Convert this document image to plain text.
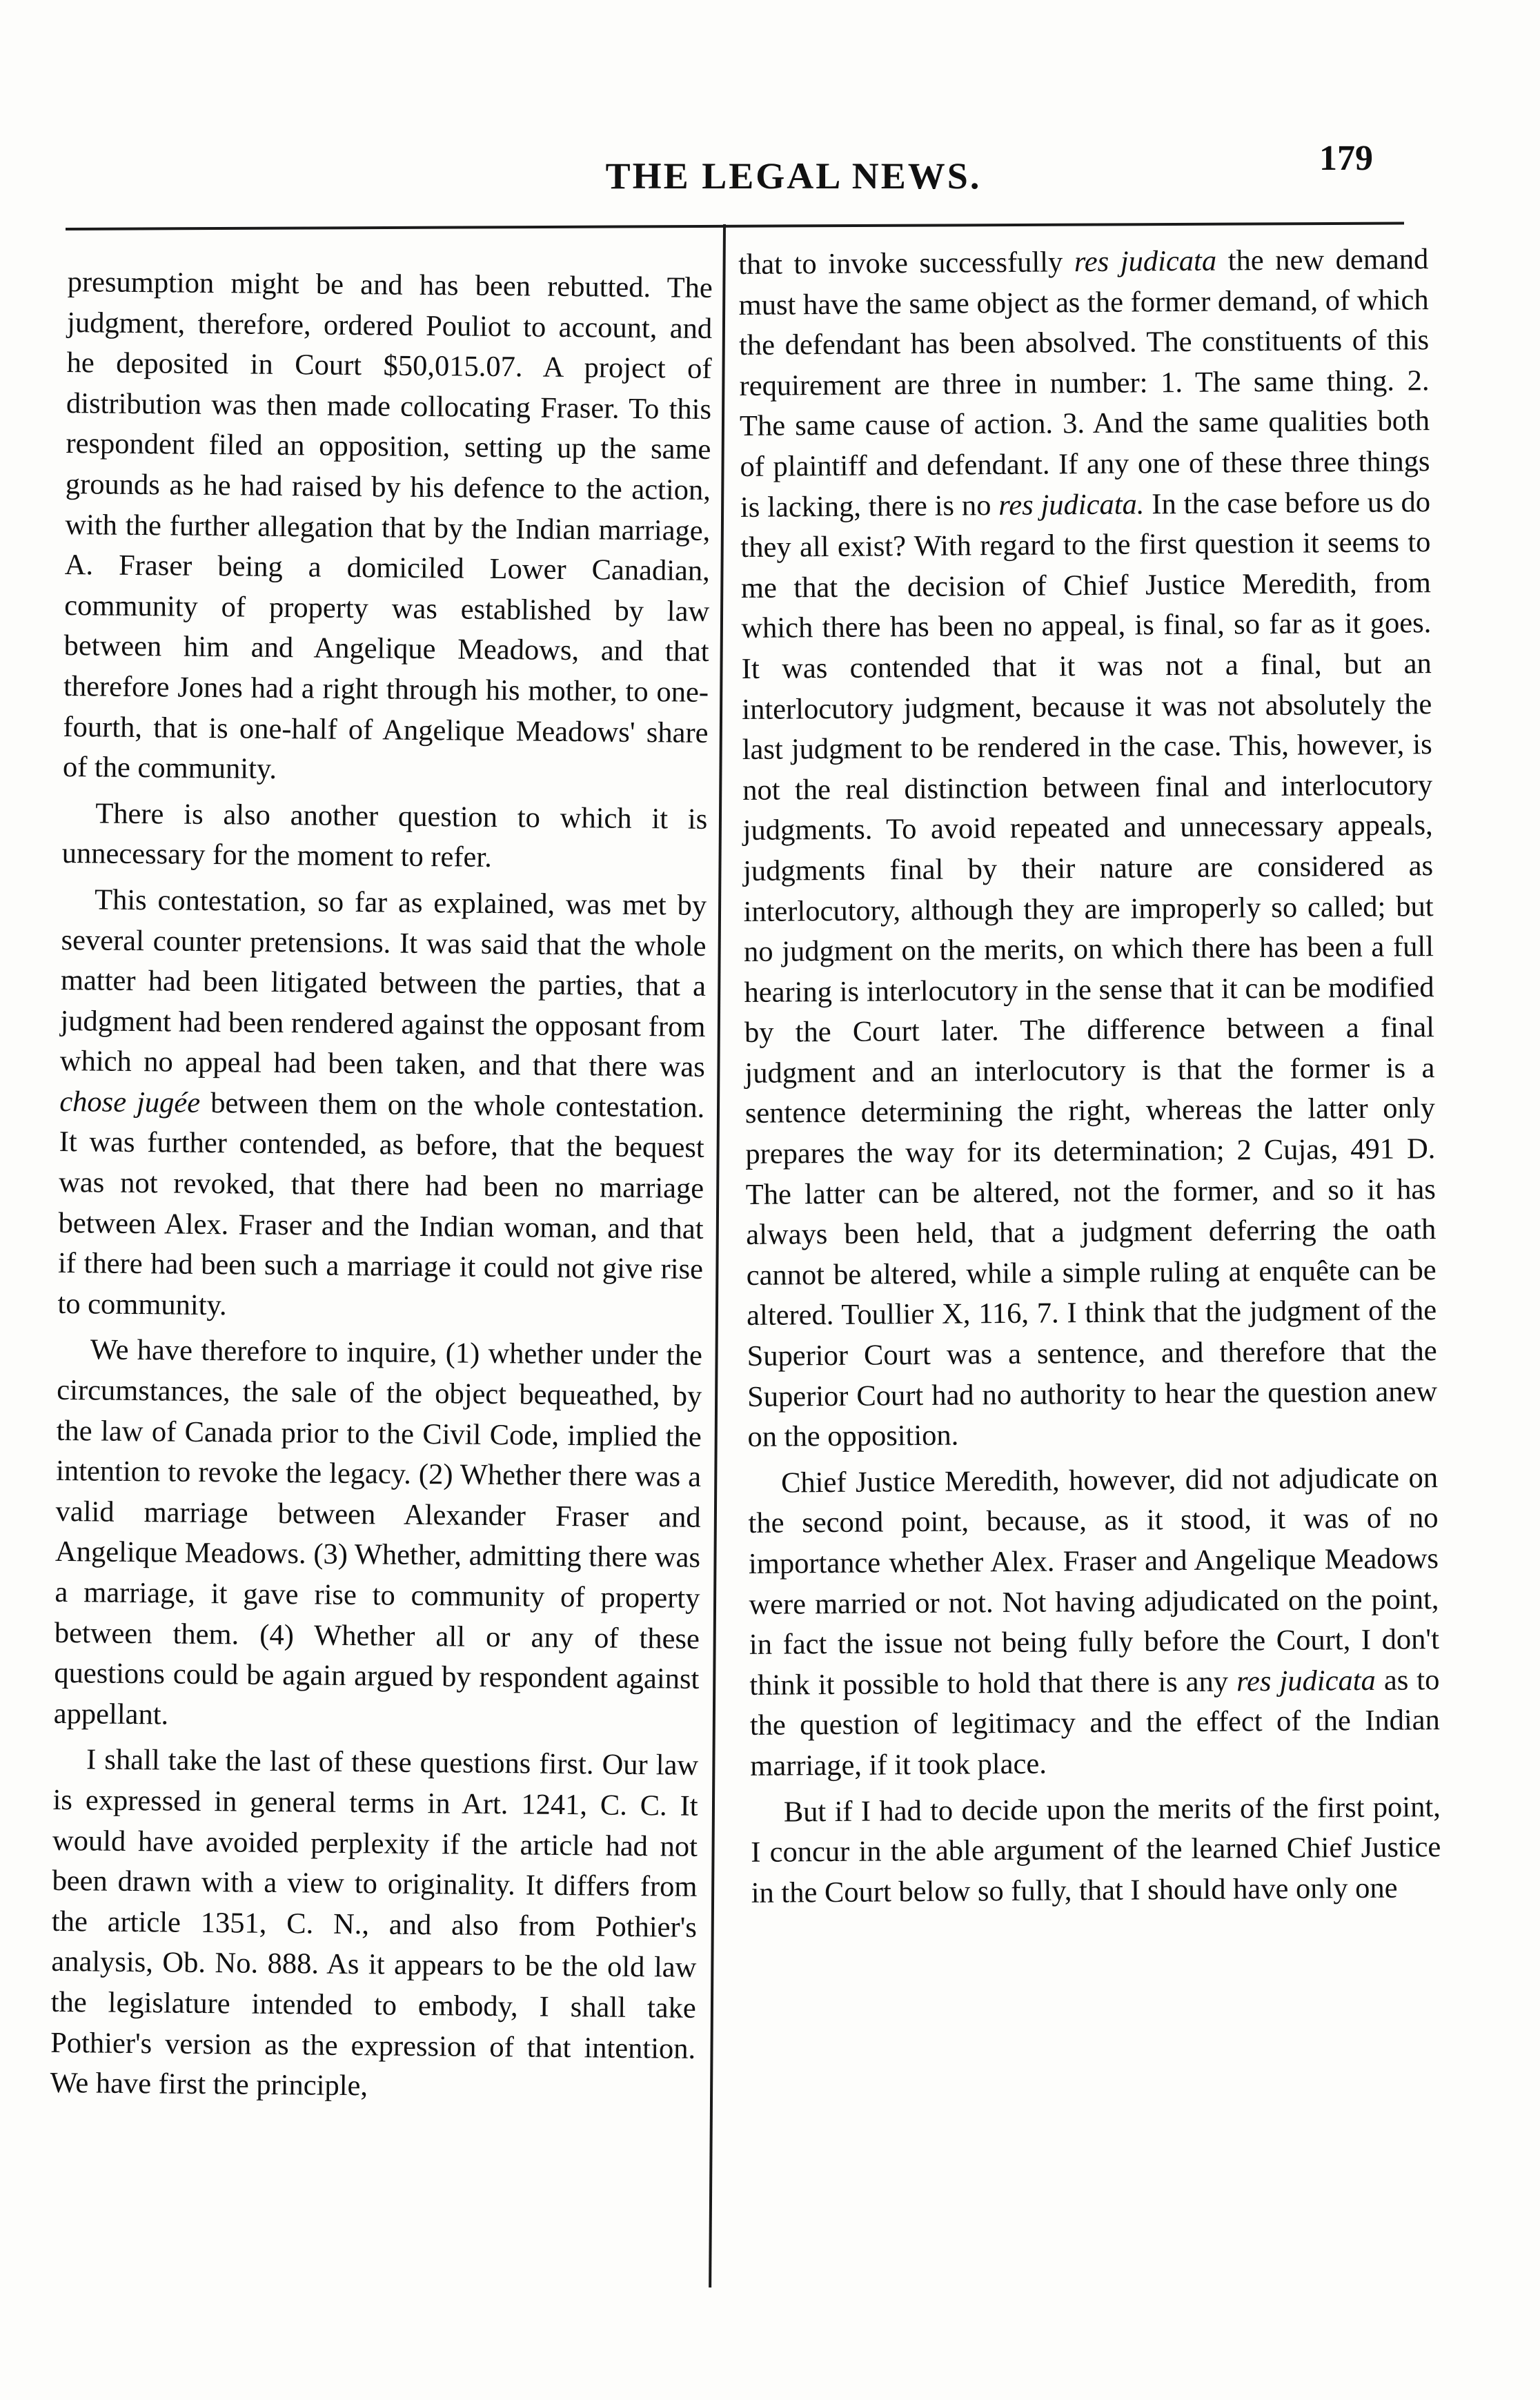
THE LEGAL NEWS.	179

presumption might be and has been rebutted. The judgment, therefore, ordered Pouliot to account, and he deposited in Court $50,015.07. A project of distribution was then made collocating Fraser. To this respondent filed an opposition, setting up the same grounds as he had raised by his defence to the action, with the further allegation that by the Indian marriage, A. Fraser being a domiciled Lower Canadian, community of property was established by law between him and Angelique Meadows, and that therefore Jones had a right through his mother, to one-fourth, that is one-half of Angelique Meadows' share of the community.

There is also another question to which it is unnecessary for the moment to refer.

This contestation, so far as explained, was met by several counter pretensions. It was said that the whole matter had been litigated between the parties, that a judgment had been rendered against the opposant from which no appeal had been taken, and that there was chose jugée between them on the whole contestation. It was further contended, as before, that the bequest was not revoked, that there had been no marriage between Alex. Fraser and the Indian woman, and that if there had been such a marriage it could not give rise to community.

We have therefore to inquire, (1) whether under the circumstances, the sale of the object bequeathed, by the law of Canada prior to the Civil Code, implied the intention to revoke the legacy. (2) Whether there was a valid marriage between Alexander Fraser and Angelique Meadows. (3) Whether, admitting there was a marriage, it gave rise to community of property between them. (4) Whether all or any of these questions could be again argued by respondent against appellant.

I shall take the last of these questions first. Our law is expressed in general terms in Art. 1241, C. C. It would have avoided perplexity if the article had not been drawn with a view to originality. It differs from the article 1351, C. N., and also from Pothier's analysis, Ob. No. 888. As it appears to be the old law the legislature intended to embody, I shall take Pothier's version as the expression of that intention. We have first the principle,

that to invoke successfully res judicata the new demand must have the same object as the former demand, of which the defendant has been absolved. The constituents of this requirement are three in number: 1. The same thing. 2. The same cause of action. 3. And the same qualities both of plaintiff and defendant. If any one of these three things is lacking, there is no res judicata. In the case before us do they all exist? With regard to the first question it seems to me that the decision of Chief Justice Meredith, from which there has been no appeal, is final, so far as it goes. It was contended that it was not a final, but an interlocutory judgment, because it was not absolutely the last judgment to be rendered in the case. This, however, is not the real distinction between final and interlocutory judgments. To avoid repeated and unnecessary appeals, judgments final by their nature are considered as interlocutory, although they are improperly so called; but no judgment on the merits, on which there has been a full hearing is interlocutory in the sense that it can be modified by the Court later. The difference between a final judgment and an interlocutory is that the former is a sentence determining the right, whereas the latter only prepares the way for its determination; 2 Cujas, 491 D. The latter can be altered, not the former, and so it has always been held, that a judgment deferring the oath cannot be altered, while a simple ruling at enquête can be altered. Toullier X, 116, 7. I think that the judgment of the Superior Court was a sentence, and therefore that the Superior Court had no authority to hear the question anew on the opposition.

Chief Justice Meredith, however, did not adjudicate on the second point, because, as it stood, it was of no importance whether Alex. Fraser and Angelique Meadows were married or not. Not having adjudicated on the point, in fact the issue not being fully before the Court, I don't think it possible to hold that there is any res judicata as to the question of legitimacy and the effect of the Indian marriage, if it took place.

But if I had to decide upon the merits of the first point, I concur in the able argument of the learned Chief Justice in the Court below so fully, that I should have only one
